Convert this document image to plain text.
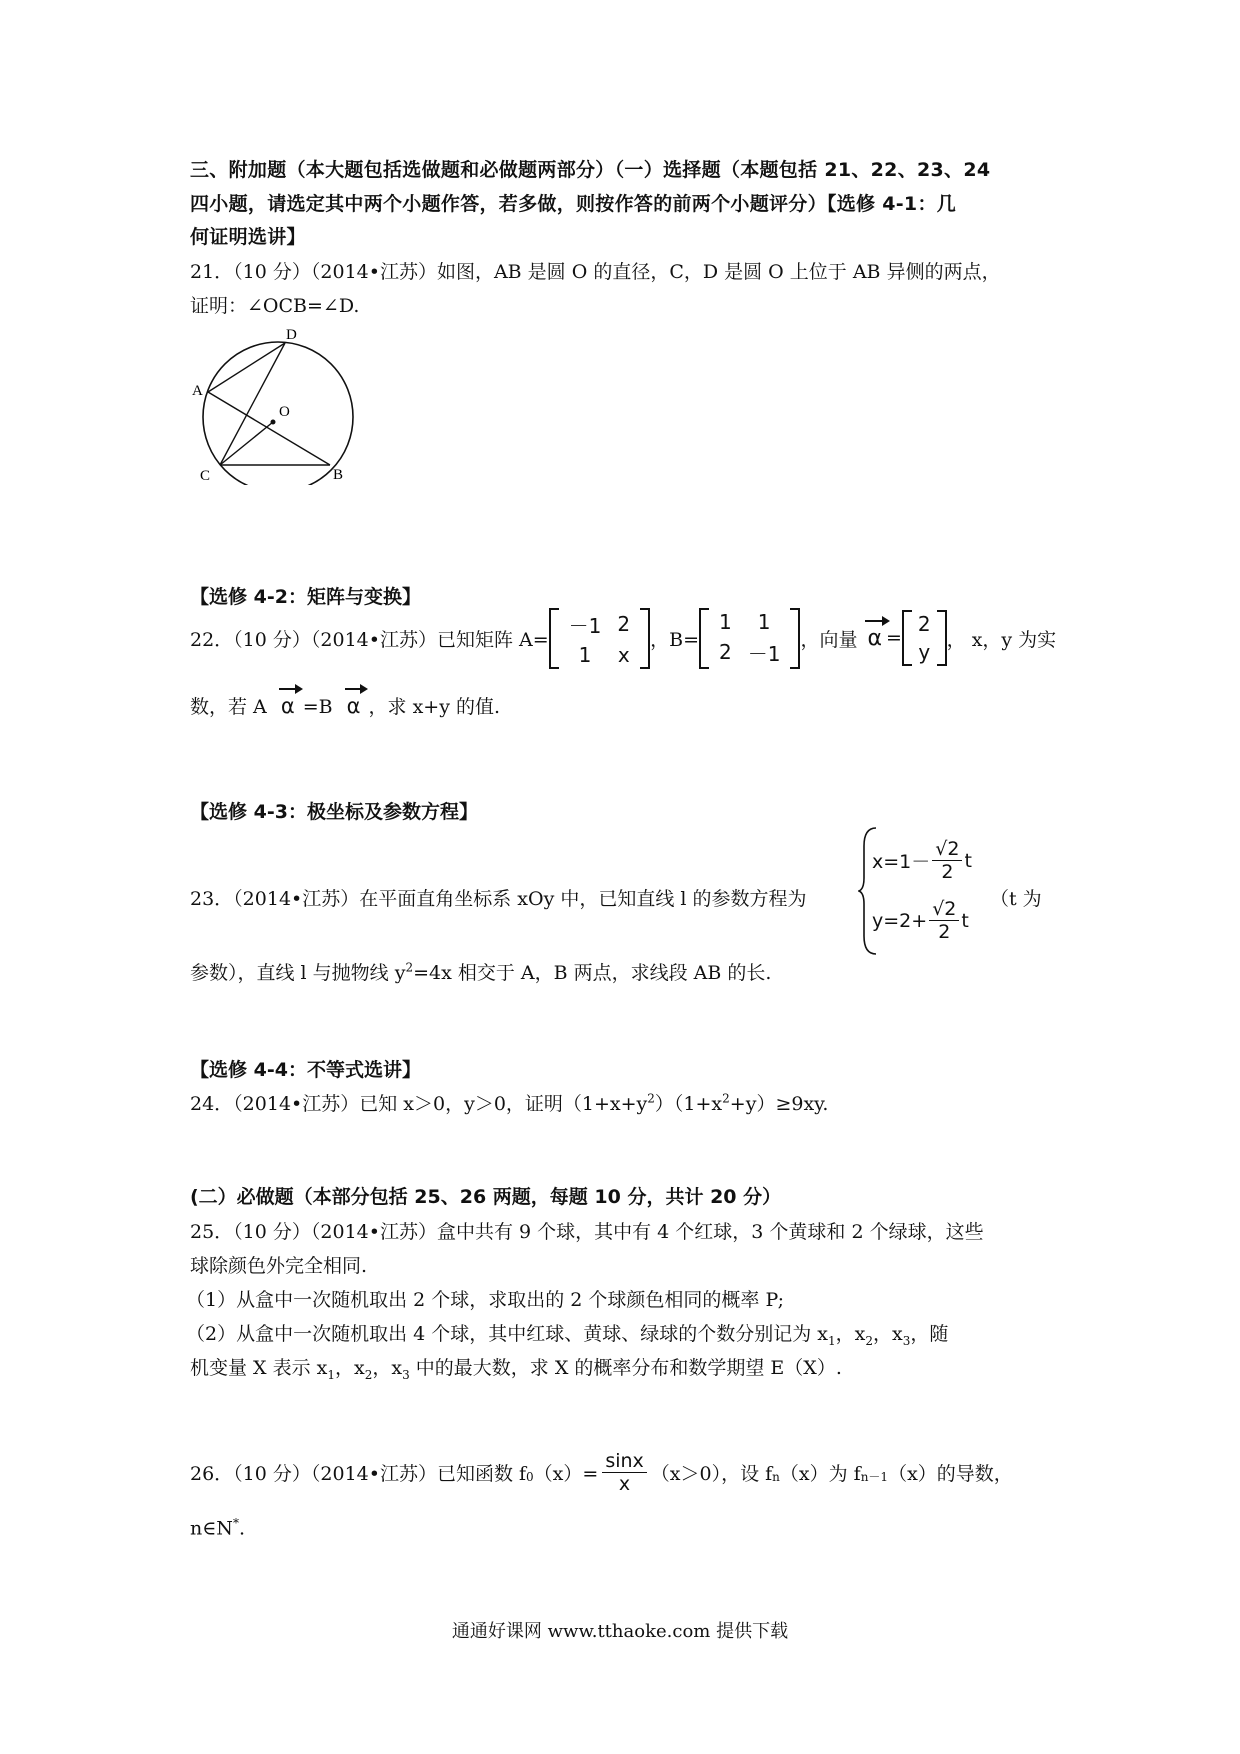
三、附加题（本大题包括选做题和必做题两部分）（一）选择题（本题包括 21、22、23、24
四小题，请选定其中两个小题作答，若多做，则按作答的前两个小题评分）【选修 4-1：几
何证明选讲】
21．（10 分）（2014•江苏）如图，AB 是圆 O 的直径，C，D 是圆 O 上位于 AB 异侧的两点，
证明：∠OCB=∠D.
D
A
O
C	B
【选修 4-2：矩阵与变换】
22．（10 分）（2014•江苏）已知矩阵 A=
－1	2
1	x
，B=
1	1
2	－1
，向量 α =
2
y
， x，y 为实
数，若 A α =B α ，求 x+y 的值.
【选修 4-3：极坐标及参数方程】
23．（2014•江苏）在平面直角坐标系 xOy 中，已知直线 l 的参数方程为
$x=1- \frac{√2}{2}$ t
$y=2+ \frac{√2}{2}$ t
（t 为
参数），直线 l 与抛物线 $y^2=4x$ 相交于 A，B 两点，求线段 AB 的长.
【选修 4-4：不等式选讲】
24．（2014•江苏）已知 x＞0，y＞0，证明$(1+x+y^2)(1+x^2+y)\ge 9xy$.
(二）必做题（本部分包括 25、26 两题，每题 10 分，共计 20 分）
25．（10 分）（2014•江苏）盒中共有 9 个球，其中有 4 个红球，3 个黄球和 2 个绿球，这些
球除颜色外完全相同.
（1）从盒中一次随机取出 2 个球，求取出的 2 个球颜色相同的概率 P;
（2）从盒中一次随机取出 4 个球，其中红球、黄球、绿球的个数分别记为 $x_1$，$x_2$，$x_3$，随
机变量 X 表示 $x_1$，$x_2$，$x_3$ 中的最大数，求 X 的概率分布和数学期望 E（X）.
26．（10 分）（2014•江苏）已知函数 $f_0$ $(x)= \frac{\sin x}{x} (x>0)$，设 $f_n$ （x）为 $f_{n-1}$ （x）的导数，
n∈N*.
通通好课网 www.tthaoke.com 提供下载
